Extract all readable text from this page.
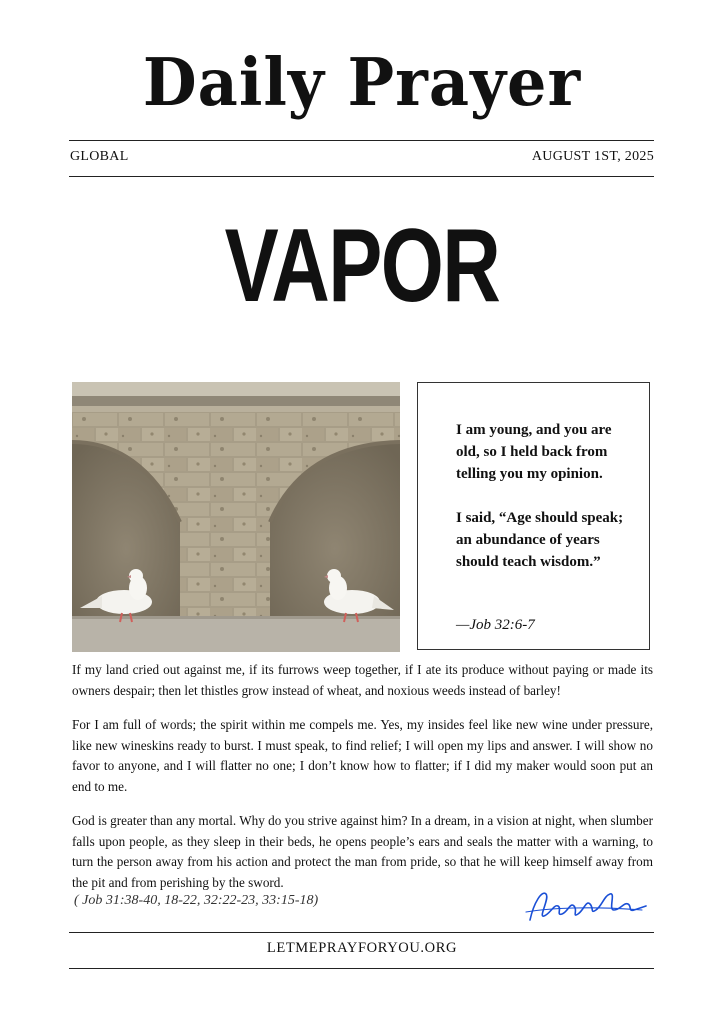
Daily Prayer
GLOBAL	AUGUST 1ST, 2025
VAPOR

I am young, and you are old, so I held back from telling you my opinion.

I said, “Age should speak; an abundance of years should teach wisdom.”

—Job 32:6-7

If my land cried out against me, if its furrows weep together, if I ate its produce without paying or made its owners despair; then let thistles grow instead of wheat, and noxious weeds instead of barley!

For I am full of words; the spirit within me compels me. Yes, my insides feel like new wine under pressure, like new wineskins ready to burst. I must speak, to find relief; I will open my lips and answer. I will show no favor to anyone, and I will flatter no one; I don’t know how to flatter; if I did my maker would soon put an end to me.

God is greater than any mortal. Why do you strive against him? In a dream, in a vision at night, when slumber falls upon people, as they sleep in their beds, he opens people’s ears and seals the matter with a warning, to turn the person away from his action and protect the man from pride, so that he will keep himself away from the pit and from perishing by the sword.

( Job 31:38-40, 18-22, 32:22-23, 33:15-18)
LETMEPRAYFORYOU.ORG
